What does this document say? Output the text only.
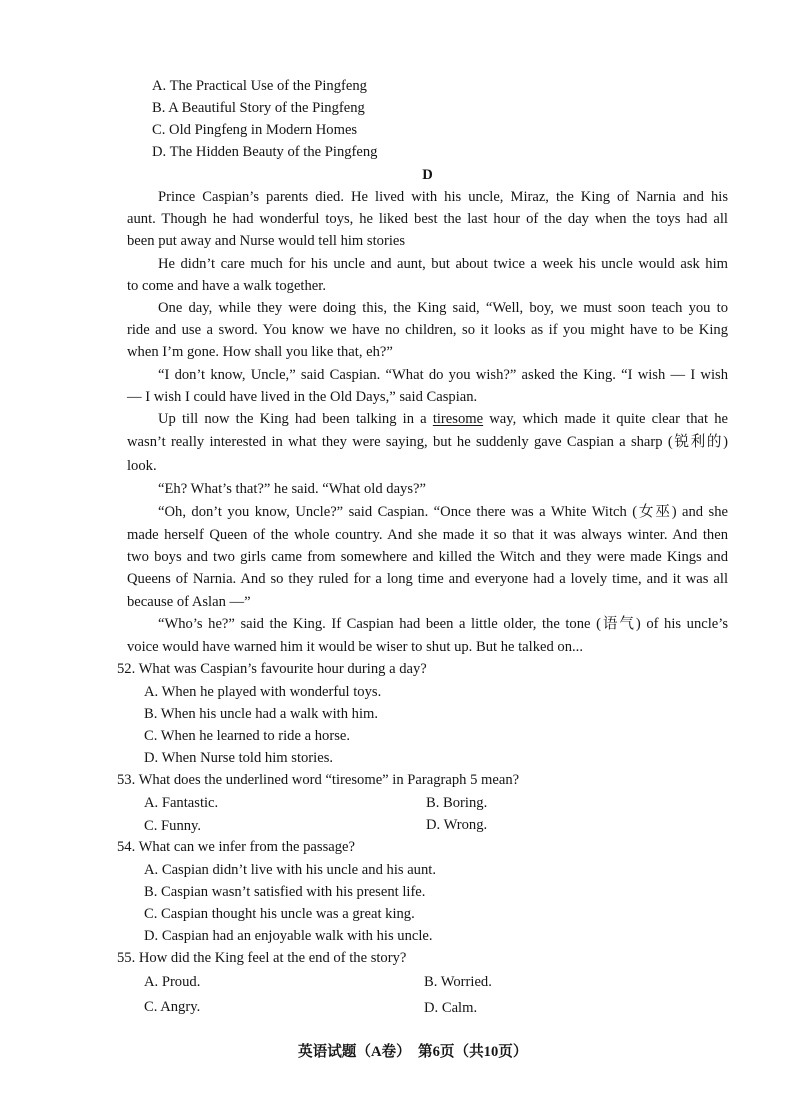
A. The Practical Use of the Pingfeng
B. A Beautiful Story of the Pingfeng
C. Old Pingfeng in Modern Homes
D. The Hidden Beauty of the Pingfeng
D
Prince Caspian’s parents died. He lived with his uncle, Miraz, the King of Narnia and his
aunt. Though he had wonderful toys, he liked best the last hour of the day when the toys had all
been put away and Nurse would tell him stories
He didn’t care much for his uncle and aunt, but about twice a week his uncle would ask him
to come and have a walk together.
One day, while they were doing this, the King said, “Well, boy, we must soon teach you to
ride and use a sword. You know we have no children, so it looks as if you might have to be King
when I’m gone. How shall you like that, eh?”
“I don’t know, Uncle,” said Caspian. “What do you wish?” asked the King. “I wish — I wish
— I wish I could have lived in the Old Days,” said Caspian.
Up till now the King had been talking in a tiresome way, which made it quite clear that he
wasn’t really interested in what they were saying, but he suddenly gave Caspian a sharp (锐利的)
look.
“Eh? What’s that?” he said. “What old days?”
“Oh, don’t you know, Uncle?” said Caspian. “Once there was a White Witch (女巫) and she
made herself Queen of the whole country. And she made it so that it was always winter. And then
two boys and two girls came from somewhere and killed the Witch and they were made Kings and
Queens of Narnia. And so they ruled for a long time and everyone had a lovely time, and it was all
because of Aslan —”
“Who’s he?” said the King. If Caspian had been a little older, the tone (语气) of his uncle’s
voice would have warned him it would be wiser to shut up. But he talked on...
52. What was Caspian’s favourite hour during a day?
A. When he played with wonderful toys.
B. When his uncle had a walk with him.
C. When he learned to ride a horse.
D. When Nurse told him stories.
53. What does the underlined word “tiresome” in Paragraph 5 mean?
A. Fantastic.	B. Boring.
C. Funny.	D. Wrong.
54. What can we infer from the passage?
A. Caspian didn’t live with his uncle and his aunt.
B. Caspian wasn’t satisfied with his present life.
C. Caspian thought his uncle was a great king.
D. Caspian had an enjoyable walk with his uncle.
55. How did the King feel at the end of the story?
A. Proud.	B. Worried.
C. Angry.	D. Calm.
英语试题（A卷）  第6页（共10页）
